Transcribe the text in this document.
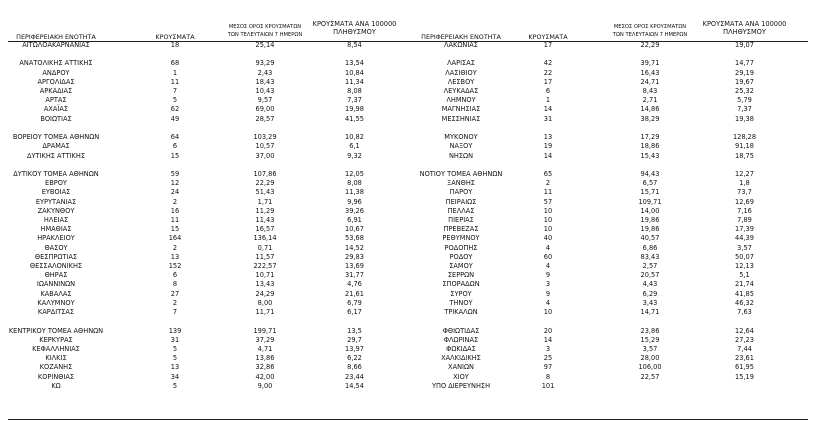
ΠΕΡΙΦΕΡΕΙΑΚΗ ΕΝΟΤΗΤΑ	ΚΡΟΥΣΜΑΤΑ
ΜΕΣΟΣ ΟΡΟΣ ΚΡΟΥΣΜΑΤΩΝ
ΤΩΝ ΤΕΛΕΥΤΑΙΩΝ 7 ΗΜΕΡΩΝ
ΚΡΟΥΣΜΑΤΑ ΑΝΑ 100000
ΠΛΗΘΥΣΜΟΥ
ΠΕΡΙΦΕΡΕΙΑΚΗ ΕΝΟΤΗΤΑ	ΚΡΟΥΣΜΑΤΑ
ΜΕΣΟΣ ΟΡΟΣ ΚΡΟΥΣΜΑΤΩΝ
ΤΩΝ ΤΕΛΕΥΤΑΙΩΝ 7 ΗΜΕΡΩΝ
ΚΡΟΥΣΜΑΤΑ ΑΝΑ 100000
ΠΛΗΘΥΣΜΟΥ
ΑΙΤΩΛΟΑΚΑΡΝΑΝΙΑΣ	18	25,14	8,54
ΑΝΑΤΟΛΙΚΗΣ ΑΤΤΙΚΗΣ	68	93,29	13,54
ΑΝΔΡΟΥ	1	2,43	10,84
ΑΡΓΟΛΙΔΑΣ	11	18,43	11,34
ΑΡΚΑΔΙΑΣ	7	10,43	8,08
ΑΡΤΑΣ	5	9,57	7,37
ΑΧΑΪΑΣ	62	69,00	19,98
ΒΟΙΩΤΙΑΣ	49	28,57	41,55
ΒΟΡΕΙΟΥ ΤΟΜΕΑ ΑΘΗΝΩΝ	64	103,29	10,82
ΔΡΑΜΑΣ	6	10,57	6,1
ΔΥΤΙΚΗΣ ΑΤΤΙΚΗΣ	15	37,00	9,32
ΔΥΤΙΚΟΥ ΤΟΜΕΑ ΑΘΗΝΩΝ	59	107,86	12,05
ΕΒΡΟΥ	12	22,29	8,08
ΕΥΒΟΙΑΣ	24	51,43	11,38
ΕΥΡΥΤΑΝΙΑΣ	2	1,71	9,96
ΖΑΚΥΝΘΟΥ	16	11,29	39,26
ΗΛΕΙΑΣ	11	11,43	6,91
ΗΜΑΘΙΑΣ	15	16,57	10,67
ΗΡΑΚΛΕΙΟΥ	164	136,14	53,68
ΘΑΣΟΥ	2	0,71	14,52
ΘΕΣΠΡΩΤΙΑΣ	13	11,57	29,83
ΘΕΣΣΑΛΟΝΙΚΗΣ	152	222,57	13,69
ΘΗΡΑΣ	6	10,71	31,77
ΙΩΑΝΝΙΝΩΝ	8	13,43	4,76
ΚΑΒΑΛΑΣ	27	24,29	21,61
ΚΑΛΥΜΝΟΥ	2	8,00	6,79
ΚΑΡΔΙΤΣΑΣ	7	11,71	6,17
ΚΕΝΤΡΙΚΟΥ ΤΟΜΕΑ ΑΘΗΝΩΝ	139	199,71	13,5
ΚΕΡΚΥΡΑΣ	31	37,29	29,7
ΚΕΦΑΛΛΗΝΙΑΣ	5	4,71	13,97
ΚΙΛΚΙΣ	5	13,86	6,22
ΚΟΖΑΝΗΣ	13	32,86	8,66
ΚΟΡΙΝΘΙΑΣ	34	42,00	23,44
ΚΩ	5	9,00	14,54
ΛΑΚΩΝΙΑΣ	17	22,29	19,07
ΛΑΡΙΣΑΣ	42	39,71	14,77
ΛΑΣΙΘΙΟΥ	22	16,43	29,19
ΛΕΣΒΟΥ	17	24,71	19,67
ΛΕΥΚΑΔΑΣ	6	8,43	25,32
ΛΗΜΝΟΥ	1	2,71	5,79
ΜΑΓΝΗΣΙΑΣ	14	14,86	7,37
ΜΕΣΣΗΝΙΑΣ	31	38,29	19,38
ΜΥΚΟΝΟΥ	13	17,29	128,28
ΝΑΞΟΥ	19	18,86	91,18
ΝΗΣΩΝ	14	15,43	18,75
ΝΟΤΙΟΥ ΤΟΜΕΑ ΑΘΗΝΩΝ	65	94,43	12,27
ΞΑΝΘΗΣ	2	6,57	1,8
ΠΑΡΟΥ	11	15,71	73,7
ΠΕΙΡΑΙΩΣ	57	109,71	12,69
ΠΕΛΛΑΣ	10	14,00	7,16
ΠΙΕΡΙΑΣ	10	19,86	7,89
ΠΡΕΒΕΖΑΣ	10	19,86	17,39
ΡΕΘΥΜΝΟΥ	40	40,57	44,39
ΡΟΔΟΠΗΣ	4	6,86	3,57
ΡΟΔΟΥ	60	83,43	50,07
ΣΑΜΟΥ	4	2,57	12,13
ΣΕΡΡΩΝ	9	20,57	5,1
ΣΠΟΡΑΔΩΝ	3	4,43	21,74
ΣΥΡΟΥ	9	6,29	41,85
ΤΗΝΟΥ	4	3,43	46,32
ΤΡΙΚΑΛΩΝ	10	14,71	7,63
ΦΘΙΩΤΙΔΑΣ	20	23,86	12,64
ΦΛΩΡΙΝΑΣ	14	15,29	27,23
ΦΩΚΙΔΑΣ	3	3,57	7,44
ΧΑΛΚΙΔΙΚΗΣ	25	28,00	23,61
ΧΑΝΙΩΝ	97	106,00	61,95
ΧΙΟΥ	8	22,57	15,19
ΥΠΟ ΔΙΕΡΕΥΝΗΣΗ	101
